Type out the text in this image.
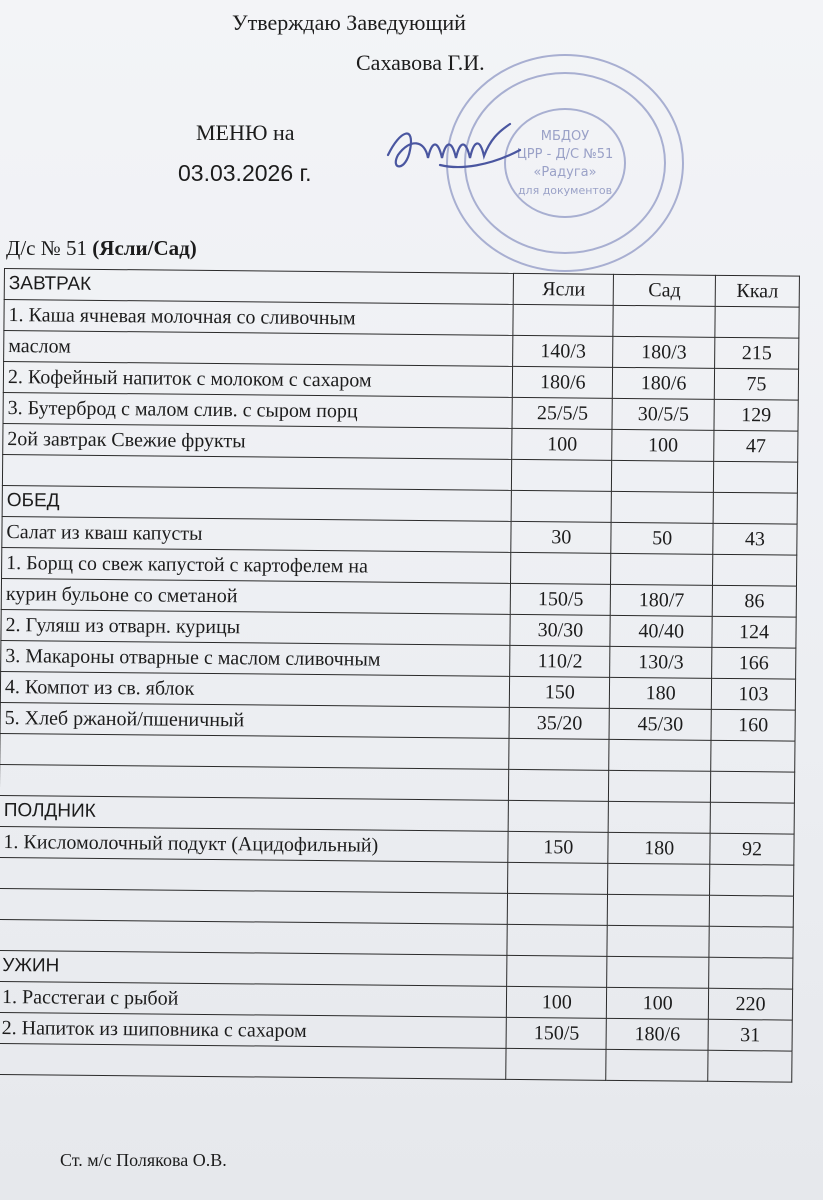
Утверждаю Заведующий
Сахавова Г.И.
МЕНЮ на
03.03.2026 г.
МБДОУ
ЦРР - Д/С №51
«Радуга»
для документов
Д/с № 51 (Ясли/Сад)
ЗАВТРАК	Ясли	Сад	Ккал
1. Каша ячневая молочная со сливочным			
маслом	140/3	180/3	215
2. Кофейный напиток с молоком с сахаром	180/6	180/6	75
3. Бутерброд с малом слив. с сыром порц	25/5/5	30/5/5	129
2ой завтрак Свежие фрукты	100	100	47

ОБЕД			
Салат из кваш капусты	30	50	43
1. Борщ со свеж капустой с картофелем на			
курин бульоне со сметаной	150/5	180/7	86
2. Гуляш из отварн. курицы	30/30	40/40	124
3. Макароны отварные с маслом сливочным	110/2	130/3	166
4. Компот из св. яблок	150	180	103
5. Хлеб ржаной/пшеничный	35/20	45/30	160

ПОЛДНИК			
1. Кисломолочный подукт (Ацидофильный)	150	180	92

УЖИН			
1. Расстегаи с рыбой	100	100	220
2. Напиток из шиповника с сахаром	150/5	180/6	31

Ст. м/с Полякова О.В.
